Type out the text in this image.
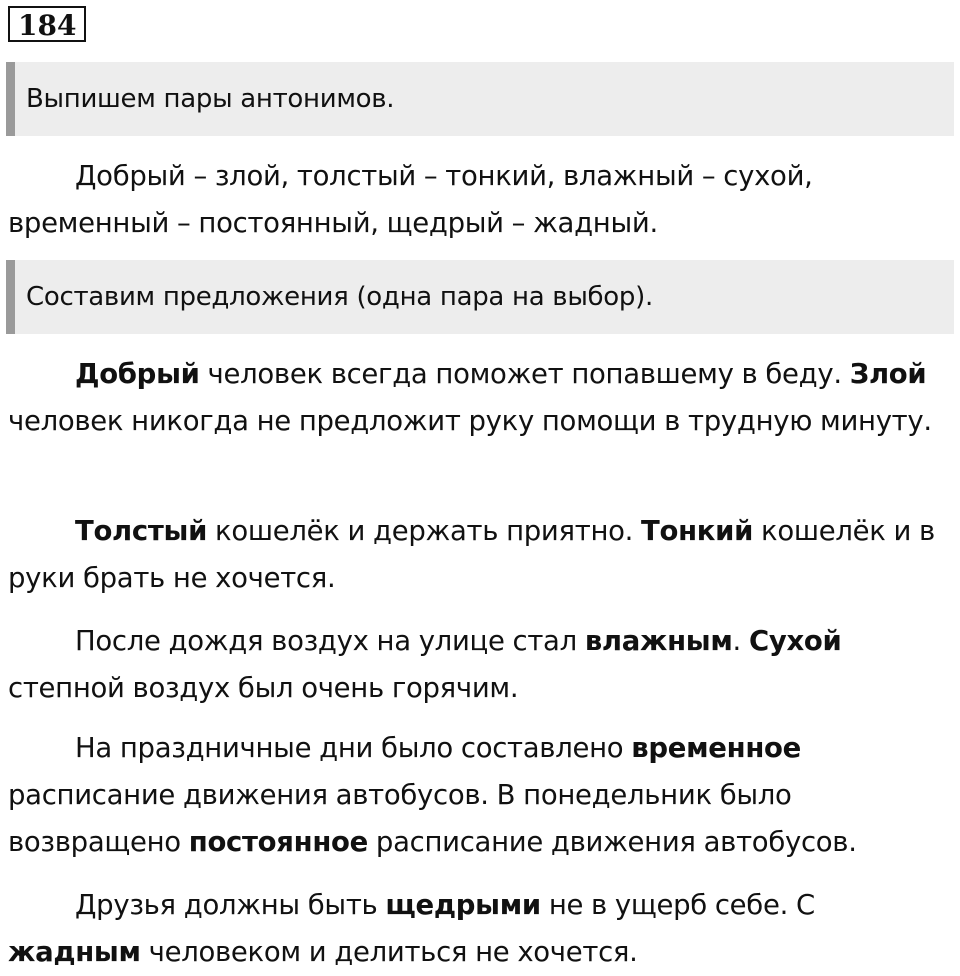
184
Выпишем пары антонимов.

Добрый – злой, толстый – тонкий, влажный – сухой,
временный – постоянный, щедрый – жадный.

Составим предложения (одна пара на выбор).

Добрый человек всегда поможет попавшему в беду. Злой человек никогда не предложит руку помощи в трудную минуту.

Толстый кошелёк и держать приятно. Тонкий кошелёк и в руки брать не хочется.

После дождя воздух на улице стал влажным. Сухой степной воздух был очень горячим.

На праздничные дни было составлено временное расписание движения автобусов. В понедельник было возвращено постоянное расписание движения автобусов.

Друзья должны быть щедрыми не в ущерб себе. С жадным человеком и делиться не хочется.
